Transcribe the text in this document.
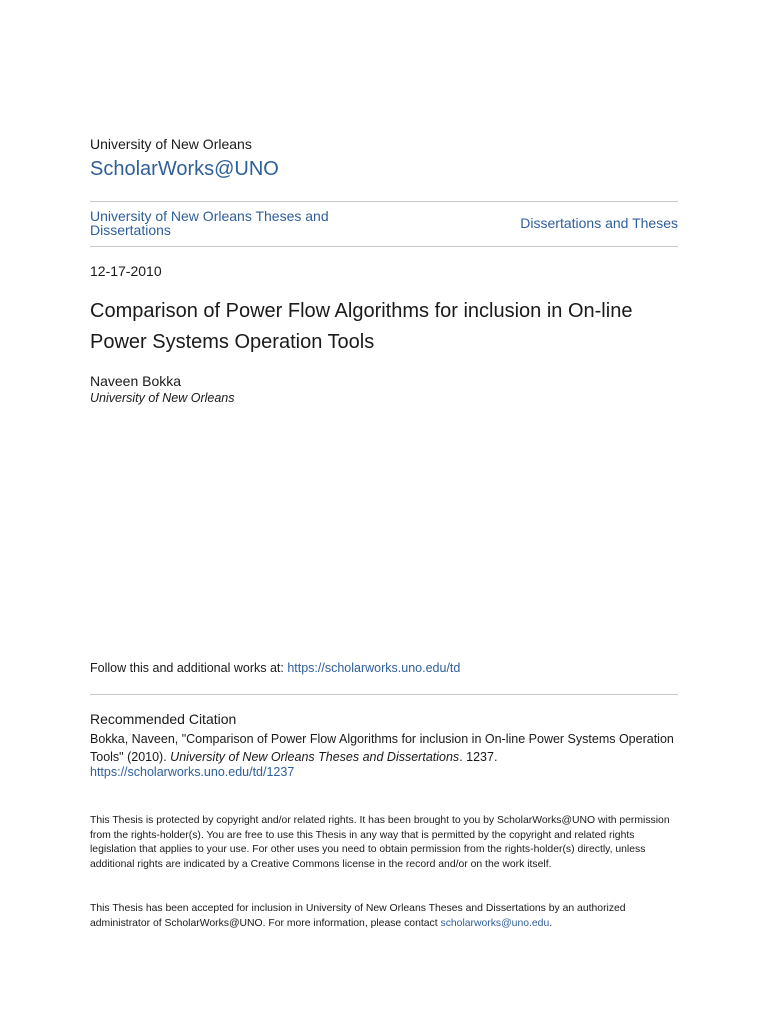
University of New Orleans
ScholarWorks@UNO
University of New Orleans Theses and Dissertations	Dissertations and Theses
12-17-2010
Comparison of Power Flow Algorithms for inclusion in On-line Power Systems Operation Tools
Naveen Bokka
University of New Orleans
Follow this and additional works at: https://scholarworks.uno.edu/td
Recommended Citation
Bokka, Naveen, "Comparison of Power Flow Algorithms for inclusion in On-line Power Systems Operation Tools" (2010). University of New Orleans Theses and Dissertations. 1237.
https://scholarworks.uno.edu/td/1237
This Thesis is protected by copyright and/or related rights. It has been brought to you by ScholarWorks@UNO with permission from the rights-holder(s). You are free to use this Thesis in any way that is permitted by the copyright and related rights legislation that applies to your use. For other uses you need to obtain permission from the rights-holder(s) directly, unless additional rights are indicated by a Creative Commons license in the record and/or on the work itself.
This Thesis has been accepted for inclusion in University of New Orleans Theses and Dissertations by an authorized administrator of ScholarWorks@UNO. For more information, please contact scholarworks@uno.edu.
